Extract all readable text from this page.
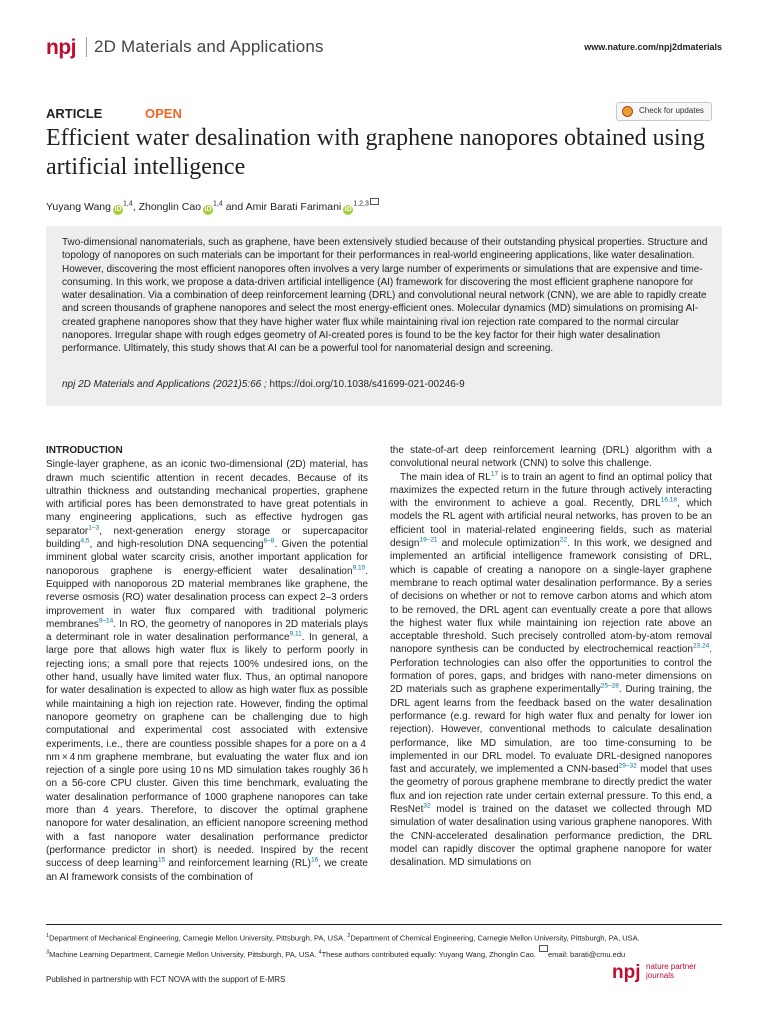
npj 2D Materials and Applications	www.nature.com/npj2dmaterials
ARTICLE	OPEN	Check for updates
Efficient water desalination with graphene nanopores obtained using artificial intelligence
Yuyang Wang iD$^{1,4}$, Zhonglin Cao iD$^{1,4}$ and Amir Barati Farimani iD$^{1,2,3}$

Two-dimensional nanomaterials, such as graphene, have been extensively studied because of their outstanding physical properties. Structure and topology of nanopores on such materials can be important for their performances in real-world engineering applications, like water desalination. However, discovering the most efficient nanopores often involves a very large number of experiments or simulations that are expensive and time-consuming. In this work, we propose a data-driven artificial intelligence (AI) framework for discovering the most efficient graphene nanopore for water desalination. Via a combination of deep reinforcement learning (DRL) and convolutional neural network (CNN), we are able to rapidly create and screen thousands of graphene nanopores and select the most energy-efficient ones. Molecular dynamics (MD) simulations on promising AI-created graphene nanopores show that they have higher water flux while maintaining rival ion rejection rate compared to the normal circular nanopores. Irregular shape with rough edges geometry of AI-created pores is found to be the key factor for their high water desalination performance. Ultimately, this study shows that AI can be a powerful tool for nanomaterial design and screening.

npj 2D Materials and Applications (2021)5:66 ; https://doi.org/10.1038/s41699-021-00246-9
INTRODUCTION

Single-layer graphene, as an iconic two-dimensional (2D) material, has drawn much scientific attention in recent decades. Because of its ultrathin thickness and outstanding mechanical properties, graphene with artificial pores has been demonstrated to have great potentials in many engineering applications, such as effective hydrogen gas separator$^{1-3}$, next-generation energy storage or supercapacitor building$^{4,5}$, and high-resolution DNA sequencing$^{6-8}$. Given the potential imminent global water scarcity crisis, another important application for nanoporous graphene is energy-efficient water desalination$^{9,10}$. Equipped with nanoporous 2D material membranes like graphene, the reverse osmosis (RO) water desalination process can expect 2–3 orders improvement in water flux compared with traditional polymeric membranes$^{9-14}$. In RO, the geometry of nanopores in 2D materials plays a determinant role in water desalination performance$^{9,11}$. In general, a large pore that allows high water flux is likely to perform poorly in rejecting ions; a small pore that rejects 100% undesired ions, on the other hand, usually have limited water flux. Thus, an optimal nanopore for water desalination is expected to allow as high water flux as possible while maintaining a high ion rejection rate. However, finding the optimal nanopore geometry on graphene can be challenging due to high computational and experimental cost associated with extensive experiments, i.e., there are countless possible shapes for a pore on a 4 nm × 4 nm graphene membrane, but evaluating the water flux and ion rejection of a single pore using 10 ns MD simulation takes roughly 36 h on a 56-core CPU cluster. Given this time benchmark, evaluating the water desalination performance of 1000 graphene nanopores can take more than 4 years. Therefore, to discover the optimal graphene nanopore for water desalination, an efficient nanopore screening method with a fast nanopore water desalination performance predictor (performance predictor in short) is needed. Inspired by the recent success of deep learning$^{15}$ and reinforcement learning (RL)$^{16}$, we create an AI framework consists of the combination of

the state-of-art deep reinforcement learning (DRL) algorithm with a convolutional neural network (CNN) to solve this challenge.

The main idea of RL$^{17}$ is to train an agent to find an optimal policy that maximizes the expected return in the future through actively interacting with the environment to achieve a goal. Recently, DRL$^{16,18}$, which models the RL agent with artificial neural networks, has proven to be an efficient tool in material-related engineering fields, such as material design$^{19-21}$ and molecule optimization$^{22}$. In this work, we designed and implemented an artificial intelligence framework consisting of DRL, which is capable of creating a nanopore on a single-layer graphene membrane to reach optimal water desalination performance. By a series of decisions on whether or not to remove carbon atoms and which atom to be removed, the DRL agent can eventually create a pore that allows the highest water flux while maintaining ion rejection rate above an acceptable threshold. Such precisely controlled atom-by-atom removal nanopore synthesis can be conducted by electrochemical reaction$^{23,24}$. Perforation technologies can also offer the opportunities to control the formation of pores, gaps, and bridges with nano-meter dimensions on 2D materials such as graphene experimentally$^{25-28}$. During training, the DRL agent learns from the feedback based on the water desalination performance (e.g. reward for high water flux and penalty for lower ion rejection). However, conventional methods to calculate desalination performance, like MD simulation, are too time-consuming to be implemented in our DRL model. To evaluate DRL-designed nanopores fast and accurately, we implemented a CNN-based$^{29-32}$ model that uses the geometry of porous graphene membrane to directly predict the water flux and ion rejection rate under certain external pressure. To this end, a ResNet$^{32}$ model is trained on the dataset we collected through MD simulation of water desalination using various graphene nanopores. With the CNN-accelerated desalination performance prediction, the DRL model can rapidly discover the optimal graphene nanopore for water desalination. MD simulations on

$^1$Department of Mechanical Engineering, Carnegie Mellon University, Pittsburgh, PA, USA. $^2$Department of Chemical Engineering, Carnegie Mellon University, Pittsburgh, PA, USA.

$^3$Machine Learning Department, Carnegie Mellon University, Pittsburgh, PA, USA. $^4$These authors contributed equally: Yuyang Wang, Zhonglin Cao. email: barati@cmu.edu

Published in partnership with FCT NOVA with the support of E-MRS	npj nature partner
journals
